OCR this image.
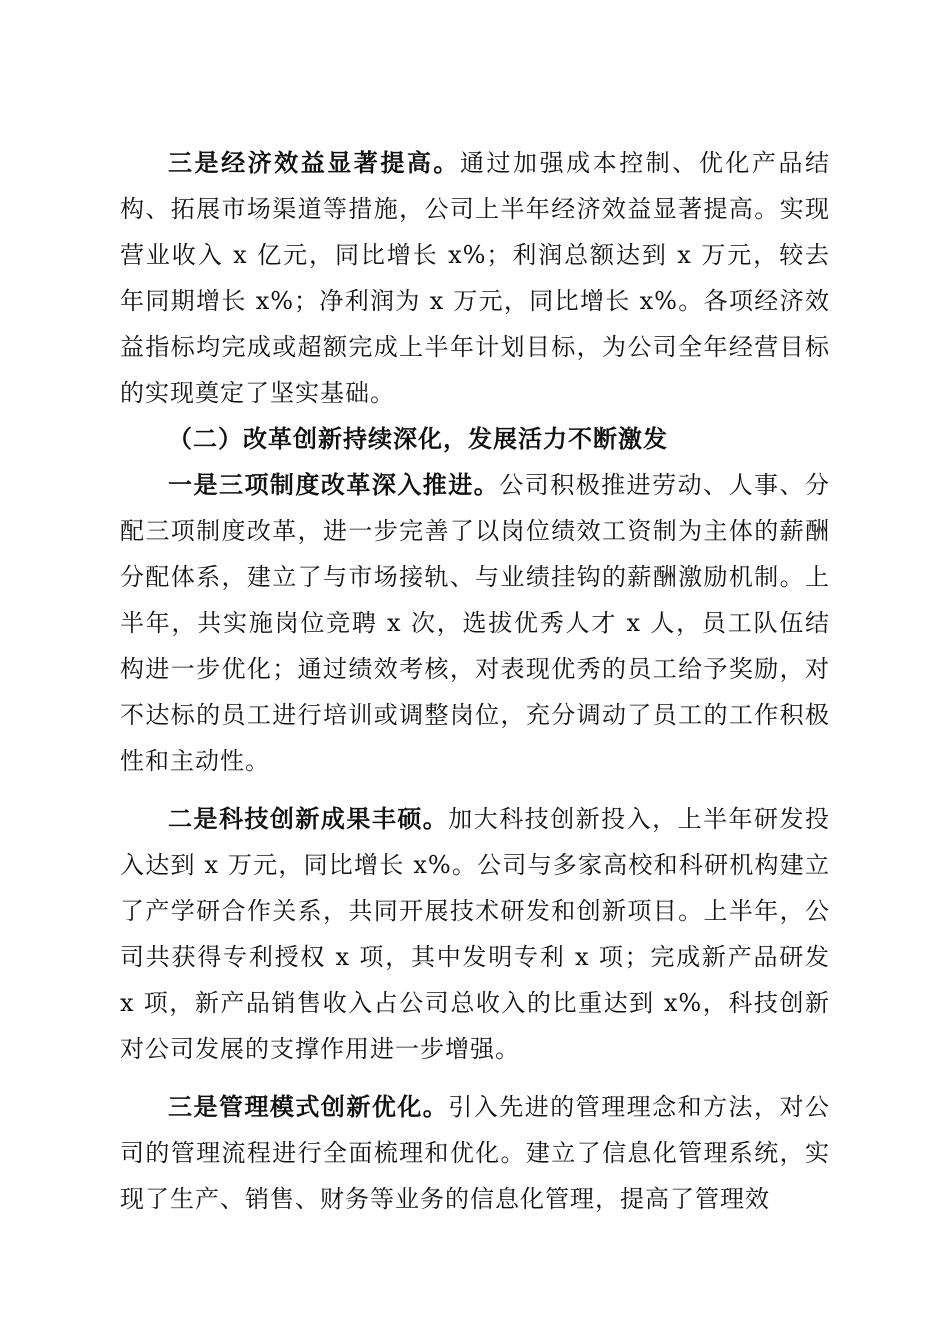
三是经济效益显著提高。通过加强成本控制、优化产品结构、拓展市场渠道等措施，公司上半年经济效益显著提高。实现营业收入 x 亿元，同比增长 x%；利润总额达到 x 万元，较去年同期增长 x%；净利润为 x 万元，同比增长 x%。各项经济效益指标均完成或超额完成上半年计划目标，为公司全年经营目标的实现奠定了坚实基础。

（二）改革创新持续深化，发展活力不断激发

一是三项制度改革深入推进。公司积极推进劳动、人事、分配三项制度改革，进一步完善了以岗位绩效工资制为主体的薪酬分配体系，建立了与市场接轨、与业绩挂钩的薪酬激励机制。上半年，共实施岗位竞聘 x 次，选拔优秀人才 x 人，员工队伍结构进一步优化；通过绩效考核，对表现优秀的员工给予奖励，对不达标的员工进行培训或调整岗位，充分调动了员工的工作积极性和主动性。

二是科技创新成果丰硕。加大科技创新投入，上半年研发投入达到 x 万元，同比增长 x%。公司与多家高校和科研机构建立了产学研合作关系，共同开展技术研发和创新项目。上半年，公司共获得专利授权 x 项，其中发明专利 x 项；完成新产品研发 x 项，新产品销售收入占公司总收入的比重达到 x%，科技创新对公司发展的支撑作用进一步增强。

三是管理模式创新优化。引入先进的管理理念和方法，对公司的管理流程进行全面梳理和优化。建立了信息化管理系统，实现了生产、销售、财务等业务的信息化管理，提高了管理效
